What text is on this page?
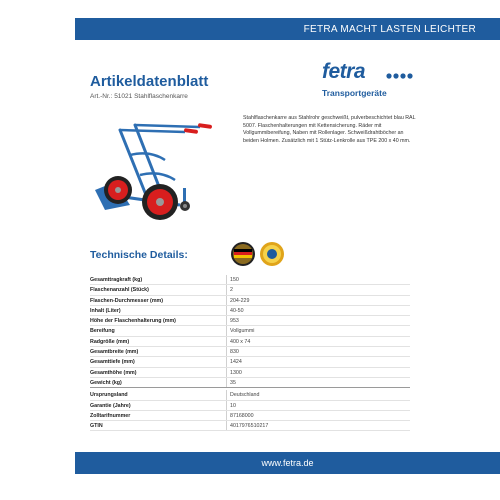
FETRA MACHT LASTEN LEICHTER
Artikeldatenblatt
Art.-Nr.: 51021 Stahlflaschenkarre
fetra
Transportgeräte
Stahlflaschenkarre aus Stahlrohr geschweißt, pulverbeschichtet blau RAL 5007. Flaschenhalterungen mit Kettensicherung. Räder mit Vollgummibereifung, Naben mit Rollenlager. Schweißdrahtböcher an beiden Holmen. Zusätzlich mit 1 Stütz-Lenkrolle aus TPE 200 x 40 mm.
Technische Details:
Gesamttragkraft (kg)	150
Flaschenanzahl (Stück)	2
Flaschen-Durchmesser (mm)	204-229
Inhalt (Liter)	40-50
Höhe der Flaschenhalterung (mm)	953
Bereifung	Vollgummi
Radgröße (mm)	400 x 74
Gesamtbreite (mm)	830
Gesamttiefe (mm)	1424
Gesamthöhe (mm)	1300
Gewicht (kg)	35
Ursprungsland	Deutschland
Garantie (Jahre)	10
Zolltarifnummer	87168000
GTIN	4017976510217
www.fetra.de
